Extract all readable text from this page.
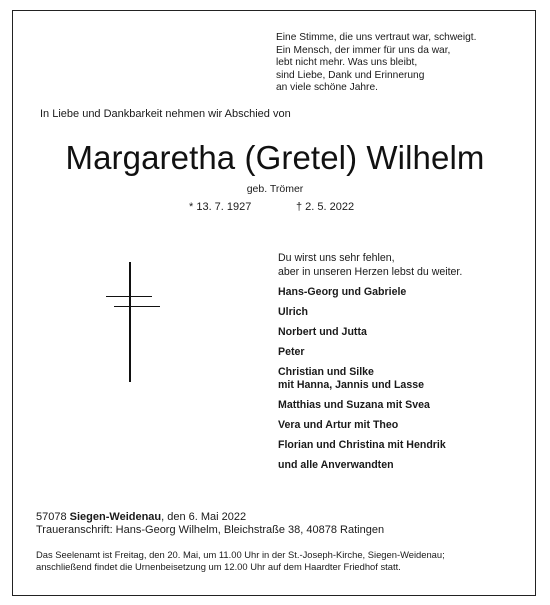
Eine Stimme, die uns vertraut war, schweigt.
Ein Mensch, der immer für uns da war,
lebt nicht mehr. Was uns bleibt,
sind Liebe, Dank und Erinnerung
an viele schöne Jahre.
In Liebe und Dankbarkeit nehmen wir Abschied von
Margaretha (Gretel) Wilhelm
geb. Trömer
* 13. 7. 1927	† 2. 5. 2022
Du wirst uns sehr fehlen,
aber in unseren Herzen lebst du weiter.
Hans-Georg und Gabriele
Ulrich
Norbert und Jutta
Peter
Christian und Silke
mit Hanna, Jannis und Lasse
Matthias und Suzana mit Svea
Vera und Artur mit Theo
Florian und Christina mit Hendrik
und alle Anverwandten
57078 Siegen-Weidenau, den 6. Mai 2022
Traueranschrift: Hans-Georg Wilhelm, Bleichstraße 38, 40878 Ratingen
Das Seelenamt ist Freitag, den 20. Mai, um 11.00 Uhr in der St.-Joseph-Kirche, Siegen-Weidenau;
anschließend findet die Urnenbeisetzung um 12.00 Uhr auf dem Haardter Friedhof statt.
